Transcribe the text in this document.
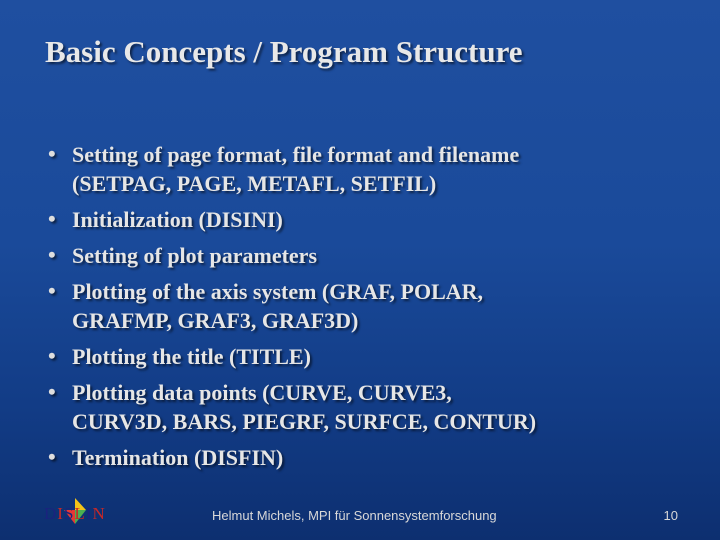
Basic Concepts / Program Structure
• Setting of page format, file format and filename
(SETPAG, PAGE, METAFL, SETFIL)
• Initialization (DISINI)
• Setting of plot parameters
• Plotting of the axis system (GRAF, POLAR,
GRAFMP, GRAF3, GRAF3D)
• Plotting the title (TITLE)
• Plotting data points (CURVE, CURVE3,
CURV3D, BARS, PIEGRF, SURFCE, CONTUR)
• Termination (DISFIN)
DISLIN	Helmut Michels, MPI für Sonnensystemforschung	10
